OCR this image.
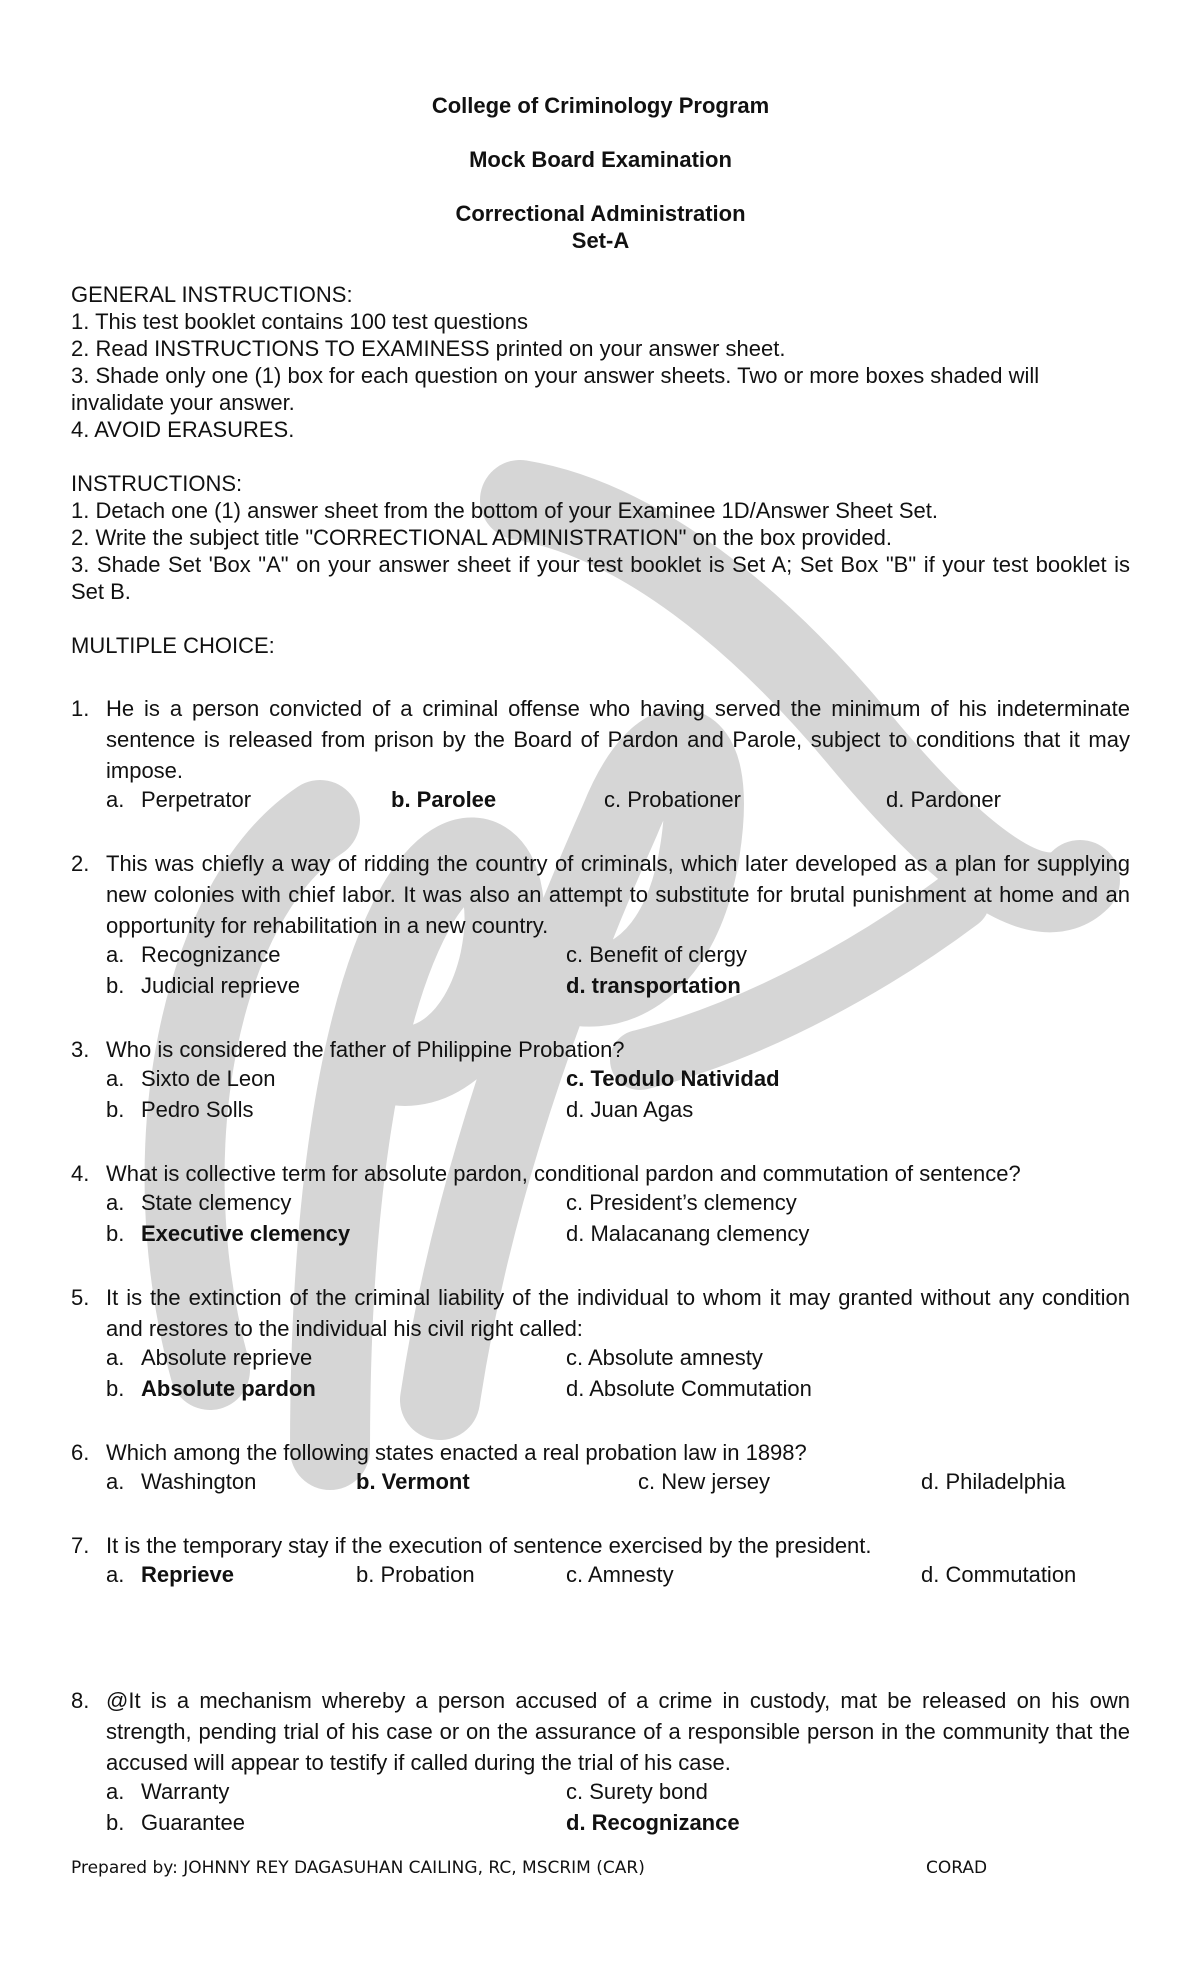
College of Criminology Program
Mock Board Examination
Correctional Administration
Set-A
GENERAL INSTRUCTIONS:
1. This test booklet contains 100 test questions
2. Read INSTRUCTIONS TO EXAMINESS printed on your answer sheet.
3. Shade only one (1) box for each question on your answer sheets. Two or more boxes shaded will invalidate your answer.
4. AVOID ERASURES.
INSTRUCTIONS:
1. Detach one (1) answer sheet from the bottom of your Examinee 1D/Answer Sheet Set.
2. Write the subject title "CORRECTIONAL ADMINISTRATION" on the box provided.
3. Shade Set 'Box "A" on your answer sheet if your test booklet is Set A; Set Box "B" if your test booklet is Set B.
MULTIPLE CHOICE:
1. He is a person convicted of a criminal offense who having served the minimum of his indeterminate sentence is released from prison by the Board of Pardon and Parole, subject to conditions that it may impose.
a. Perpetrator	b. Parolee	c. Probationer	d. Pardoner
2. This was chiefly a way of ridding the country of criminals, which later developed as a plan for supplying new colonies with chief labor. It was also an attempt to substitute for brutal punishment at home and an opportunity for rehabilitation in a new country.
a. Recognizance	c. Benefit of clergy
b. Judicial reprieve	d. transportation
3. Who is considered the father of Philippine Probation?
a. Sixto de Leon	c. Teodulo Natividad
b. Pedro Solls	d. Juan Agas
4. What is collective term for absolute pardon, conditional pardon and commutation of sentence?
a. State clemency	c. President’s clemency
b. Executive clemency	d. Malacanang clemency
5. It is the extinction of the criminal liability of the individual to whom it may granted without any condition and restores to the individual his civil right called:
a. Absolute reprieve	c. Absolute amnesty
b. Absolute pardon	d. Absolute Commutation
6. Which among the following states enacted a real probation law in 1898?
a. Washington	b. Vermont	c. New jersey	d. Philadelphia
7. It is the temporary stay if the execution of sentence exercised by the president.
a. Reprieve	b. Probation	c. Amnesty	d. Commutation
8. @It is a mechanism whereby a person accused of a crime in custody, mat be released on his own strength, pending trial of his case or on the assurance of a responsible person in the community that the accused will appear to testify if called during the trial of his case.
a. Warranty	c. Surety bond
b. Guarantee	d. Recognizance
Prepared by: JOHNNY REY DAGASUHAN CAILING, RC, MSCRIM (CAR)	CORAD
